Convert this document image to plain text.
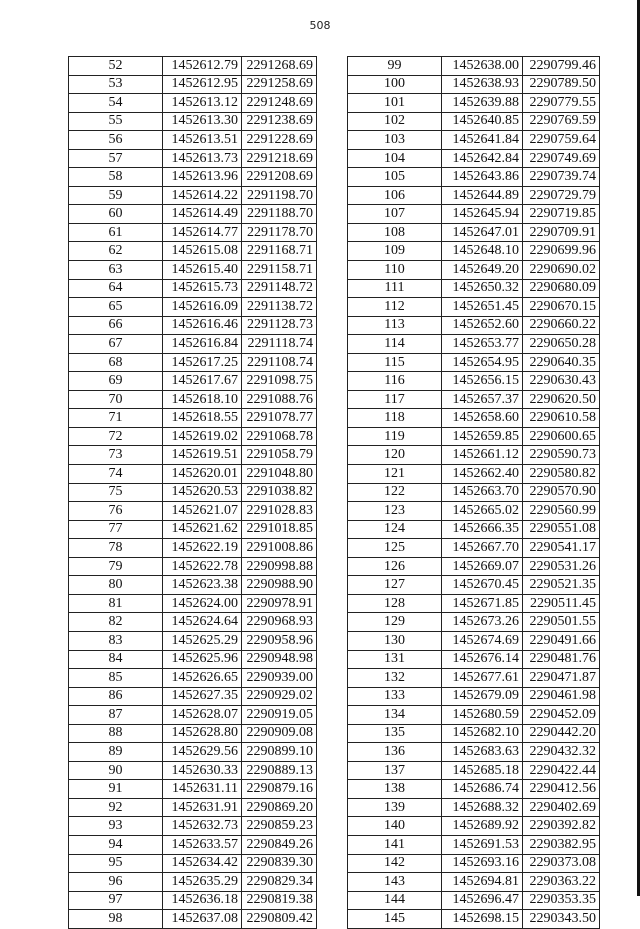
508
52	1452612.79	2291268.69
53	1452612.95	2291258.69
54	1452613.12	2291248.69
55	1452613.30	2291238.69
56	1452613.51	2291228.69
57	1452613.73	2291218.69
58	1452613.96	2291208.69
59	1452614.22	2291198.70
60	1452614.49	2291188.70
61	1452614.77	2291178.70
62	1452615.08	2291168.71
63	1452615.40	2291158.71
64	1452615.73	2291148.72
65	1452616.09	2291138.72
66	1452616.46	2291128.73
67	1452616.84	2291118.74
68	1452617.25	2291108.74
69	1452617.67	2291098.75
70	1452618.10	2291088.76
71	1452618.55	2291078.77
72	1452619.02	2291068.78
73	1452619.51	2291058.79
74	1452620.01	2291048.80
75	1452620.53	2291038.82
76	1452621.07	2291028.83
77	1452621.62	2291018.85
78	1452622.19	2291008.86
79	1452622.78	2290998.88
80	1452623.38	2290988.90
81	1452624.00	2290978.91
82	1452624.64	2290968.93
83	1452625.29	2290958.96
84	1452625.96	2290948.98
85	1452626.65	2290939.00
86	1452627.35	2290929.02
87	1452628.07	2290919.05
88	1452628.80	2290909.08
89	1452629.56	2290899.10
90	1452630.33	2290889.13
91	1452631.11	2290879.16
92	1452631.91	2290869.20
93	1452632.73	2290859.23
94	1452633.57	2290849.26
95	1452634.42	2290839.30
96	1452635.29	2290829.34
97	1452636.18	2290819.38
98	1452637.08	2290809.42
99	1452638.00	2290799.46
100	1452638.93	2290789.50
101	1452639.88	2290779.55
102	1452640.85	2290769.59
103	1452641.84	2290759.64
104	1452642.84	2290749.69
105	1452643.86	2290739.74
106	1452644.89	2290729.79
107	1452645.94	2290719.85
108	1452647.01	2290709.91
109	1452648.10	2290699.96
110	1452649.20	2290690.02
111	1452650.32	2290680.09
112	1452651.45	2290670.15
113	1452652.60	2290660.22
114	1452653.77	2290650.28
115	1452654.95	2290640.35
116	1452656.15	2290630.43
117	1452657.37	2290620.50
118	1452658.60	2290610.58
119	1452659.85	2290600.65
120	1452661.12	2290590.73
121	1452662.40	2290580.82
122	1452663.70	2290570.90
123	1452665.02	2290560.99
124	1452666.35	2290551.08
125	1452667.70	2290541.17
126	1452669.07	2290531.26
127	1452670.45	2290521.35
128	1452671.85	2290511.45
129	1452673.26	2290501.55
130	1452674.69	2290491.66
131	1452676.14	2290481.76
132	1452677.61	2290471.87
133	1452679.09	2290461.98
134	1452680.59	2290452.09
135	1452682.10	2290442.20
136	1452683.63	2290432.32
137	1452685.18	2290422.44
138	1452686.74	2290412.56
139	1452688.32	2290402.69
140	1452689.92	2290392.82
141	1452691.53	2290382.95
142	1452693.16	2290373.08
143	1452694.81	2290363.22
144	1452696.47	2290353.35
145	1452698.15	2290343.50
